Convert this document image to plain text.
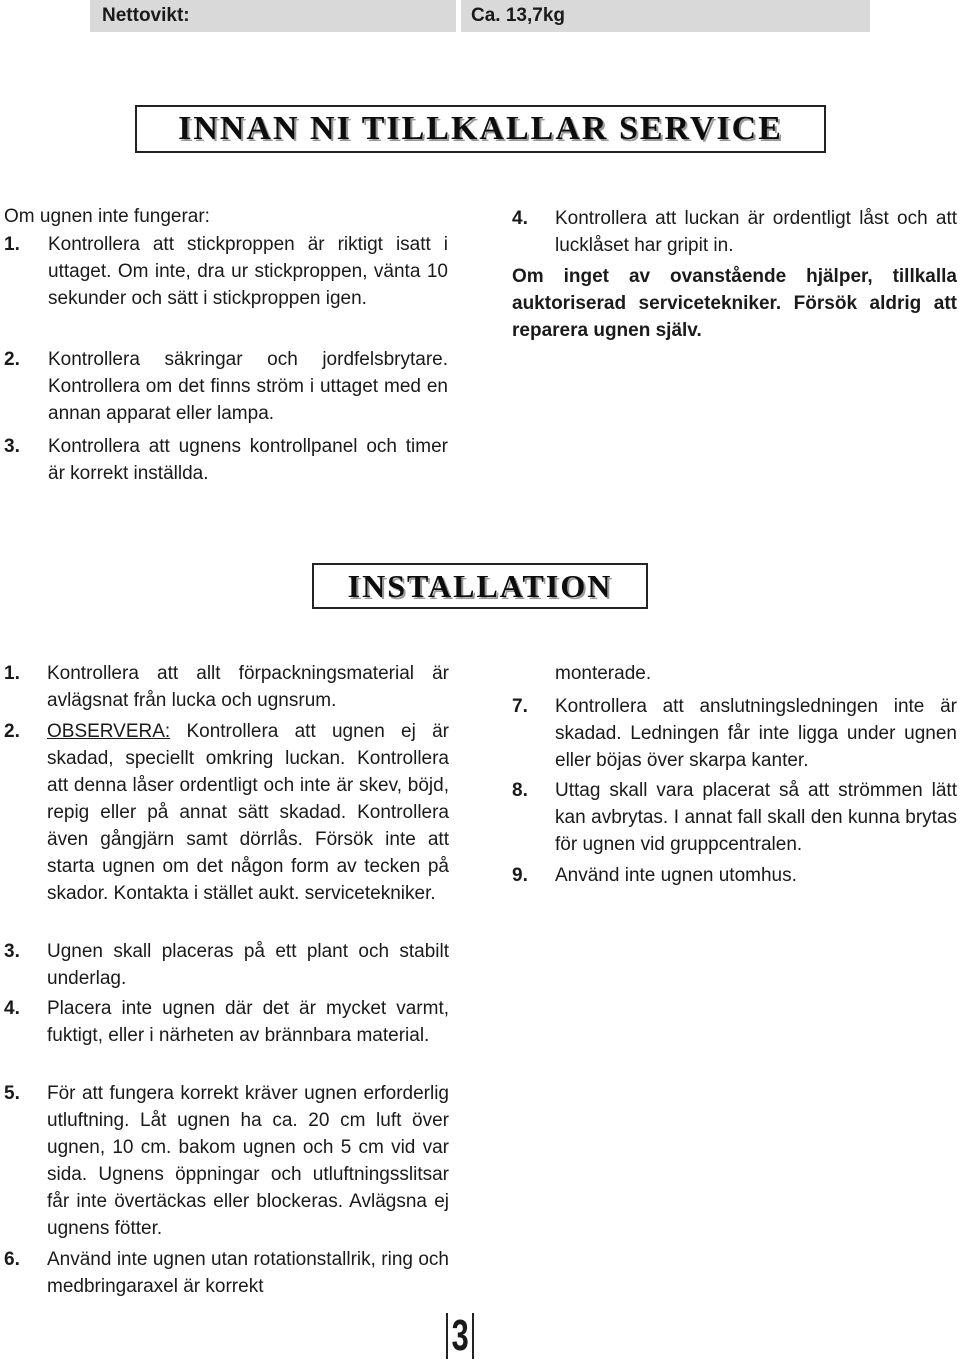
Nettovikt:	Ca. 13,7kg
INNAN NI TILLKALLAR SERVICE
Om ugnen inte fungerar:
1. Kontrollera att stickproppen är riktigt isatt i uttaget. Om inte, dra ur stickproppen, vänta 10 sekunder och sätt i stickproppen igen.
2. Kontrollera säkringar och jordfelsbrytare. Kontrollera om det finns ström i uttaget med en annan apparat eller lampa.
3. Kontrollera att ugnens kontrollpanel och timer är korrekt inställda.
4. Kontrollera att luckan är ordentligt låst och att lucklåset har gripit in.
Om inget av ovanstående hjälper, tillkalla auktoriserad servicetekniker. Försök aldrig att reparera ugnen själv.
INSTALLATION
1. Kontrollera att allt förpackningsmaterial är avlägsnat från lucka och ugnsrum.
2. OBSERVERA: Kontrollera att ugnen ej är skadad, speciellt omkring luckan. Kontrollera att denna låser ordentligt och inte är skev, böjd, repig eller på annat sätt skadad. Kontrollera även gångjärn samt dörrlås. Försök inte att starta ugnen om det någon form av tecken på skador. Kontakta i stället aukt. servicetekniker.
3. Ugnen skall placeras på ett plant och stabilt underlag.
4. Placera inte ugnen där det är mycket varmt, fuktigt, eller i närheten av brännbara material.
5. För att fungera korrekt kräver ugnen erforderlig utluftning. Låt ugnen ha ca. 20 cm luft över ugnen, 10 cm. bakom ugnen och 5 cm vid var sida. Ugnens öppningar och utluftningsslitsar får inte övertäckas eller blockeras. Avlägsna ej ugnens fötter.
6. Använd inte ugnen utan rotationstallrik, ring och medbringaraxel är korrekt
monterade.
7. Kontrollera att anslutningsledningen inte är skadad. Ledningen får inte ligga under ugnen eller böjas över skarpa kanter.
8. Uttag skall vara placerat så att strömmen lätt kan avbrytas. I annat fall skall den kunna brytas för ugnen vid gruppcentralen.
9. Använd inte ugnen utomhus.
3
